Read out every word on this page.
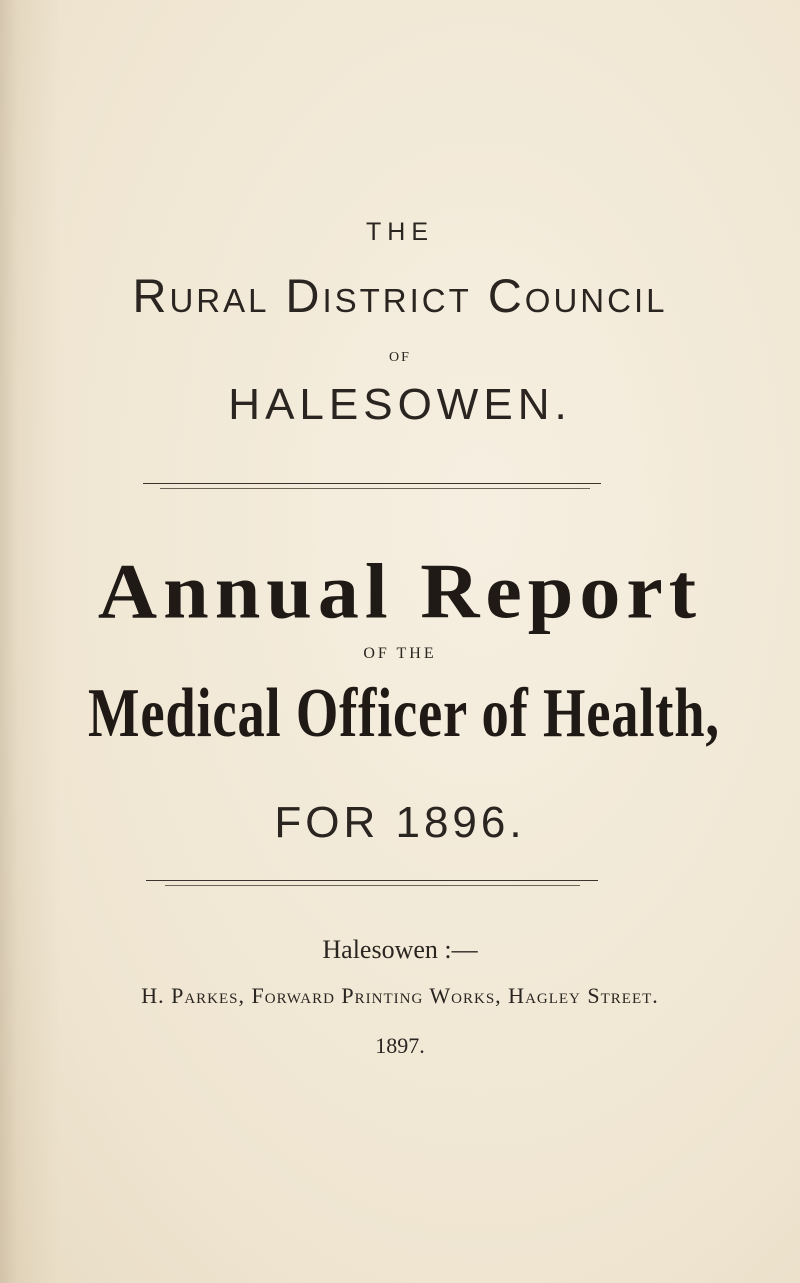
THE
Rural District Council
OF
HALESOWEN.
Annual Report
OF THE
Medical Officer of Health,
FOR 1896.
Halesowen :—
H. Parkes, Forward Printing Works, Hagley Street.
1897.
